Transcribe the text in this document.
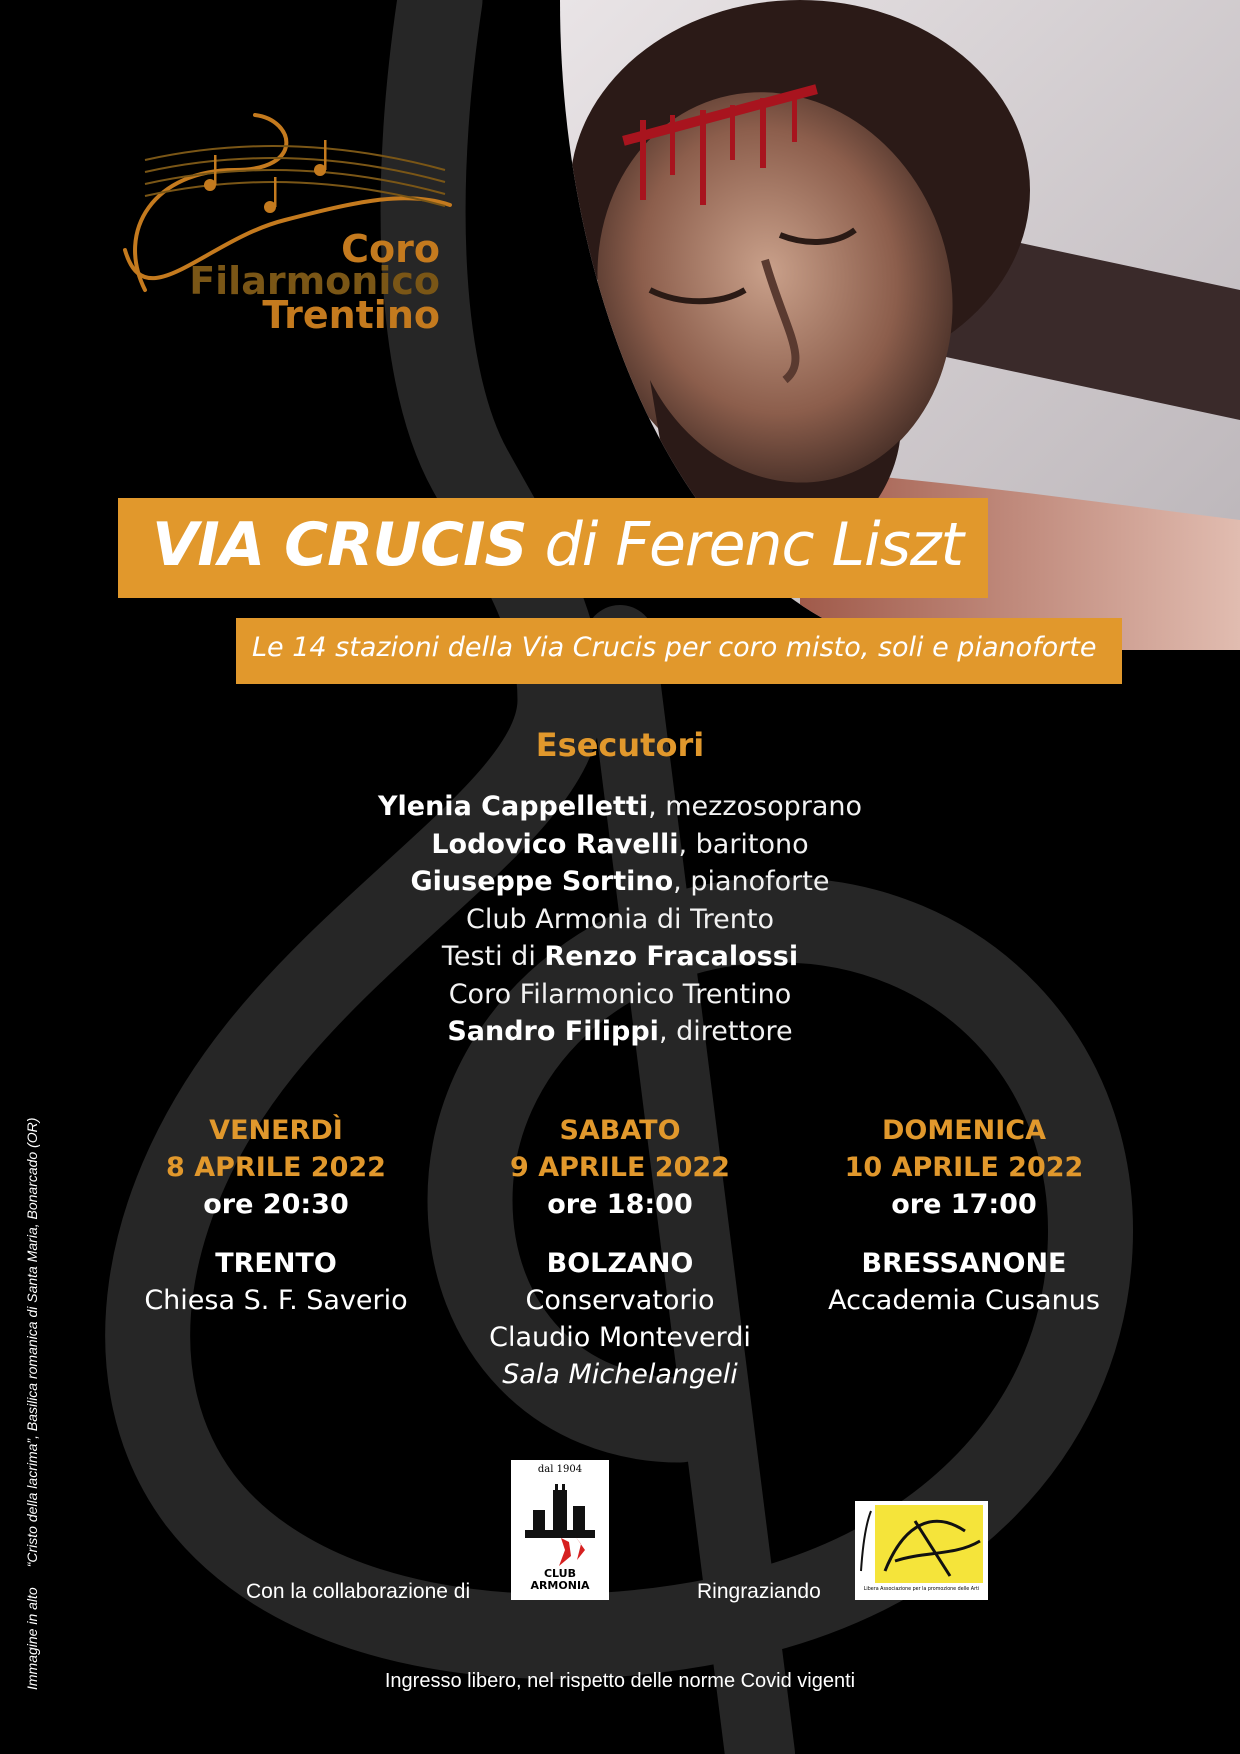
Coro
Filarmonico
Trentino
VIA CRUCIS di Ferenc Liszt
Le 14 stazioni della Via Crucis per coro misto, soli e pianoforte
Esecutori
Ylenia Cappelletti, mezzosoprano
Lodovico Ravelli, baritono
Giuseppe Sortino, pianoforte
Club Armonia di Trento
Testi di Renzo Fracalossi
Coro Filarmonico Trentino
Sandro Filippi, direttore
VENERDÌ
8 APRILE 2022
ore 20:30
TRENTO
Chiesa S. F. Saverio
SABATO
9 APRILE 2022
ore 18:00
BOLZANO
Conservatorio
Claudio Monteverdi
Sala Michelangeli
DOMENICA
10 APRILE 2022
ore 17:00
BRESSANONE
Accademia Cusanus
Con la collaborazione di
dal 1904
CLUB
ARMONIA	Ringraziando	Libera Associazione per la promozione delle Arti
Ingresso libero, nel rispetto delle norme Covid vigenti
Immagine in alto“Cristo della lacrima”, Basilica romanica di Santa Maria, Bonarcado (OR)
